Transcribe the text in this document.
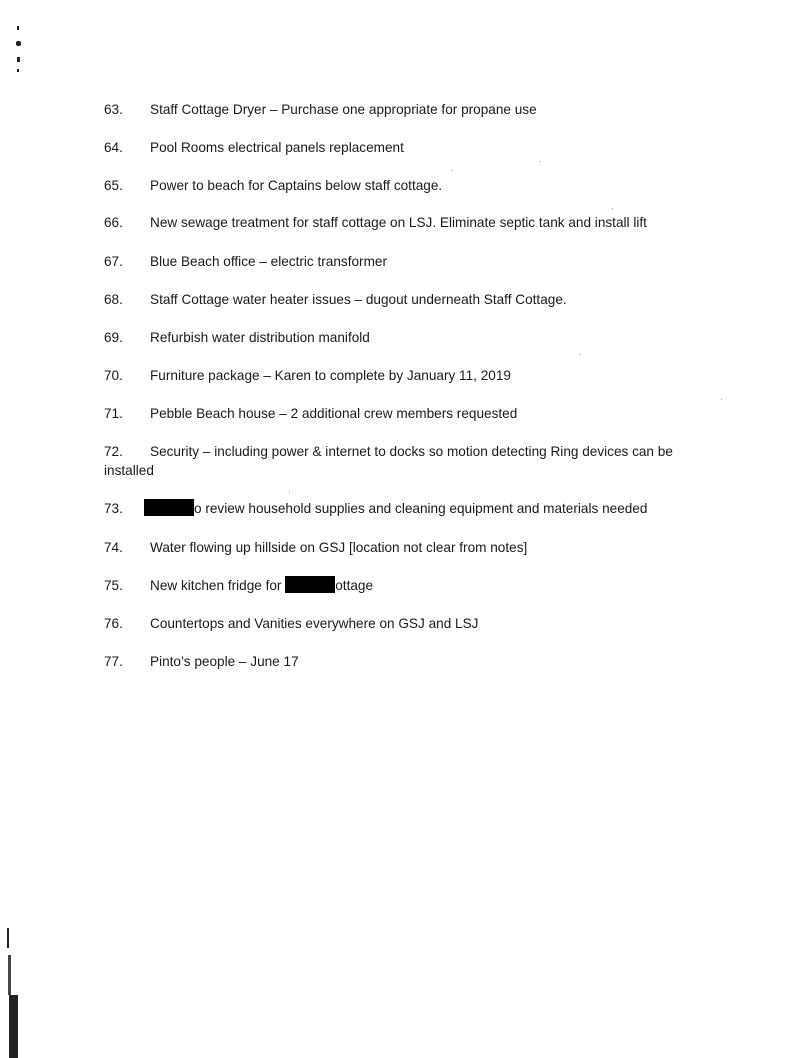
63. Staff Cottage Dryer – Purchase one appropriate for propane use
64. Pool Rooms electrical panels replacement
65. Power to beach for Captains below staff cottage.
66. New sewage treatment for staff cottage on LSJ. Eliminate septic tank and install lift
67. Blue Beach office – electric transformer
68. Staff Cottage water heater issues – dugout underneath Staff Cottage.
69. Refurbish water distribution manifold
70. Furniture package – Karen to complete by January 11, 2019
71. Pebble Beach house – 2 additional crew members requested
72. Security – including power & internet to docks so motion detecting Ring devices can be installed
73.	o review household supplies and cleaning equipment and materials needed
74. Water flowing up hillside on GSJ [location not clear from notes]
75. New kitchen fridge for	ottage
76. Countertops and Vanities everywhere on GSJ and LSJ
77. Pinto’s people – June 17
